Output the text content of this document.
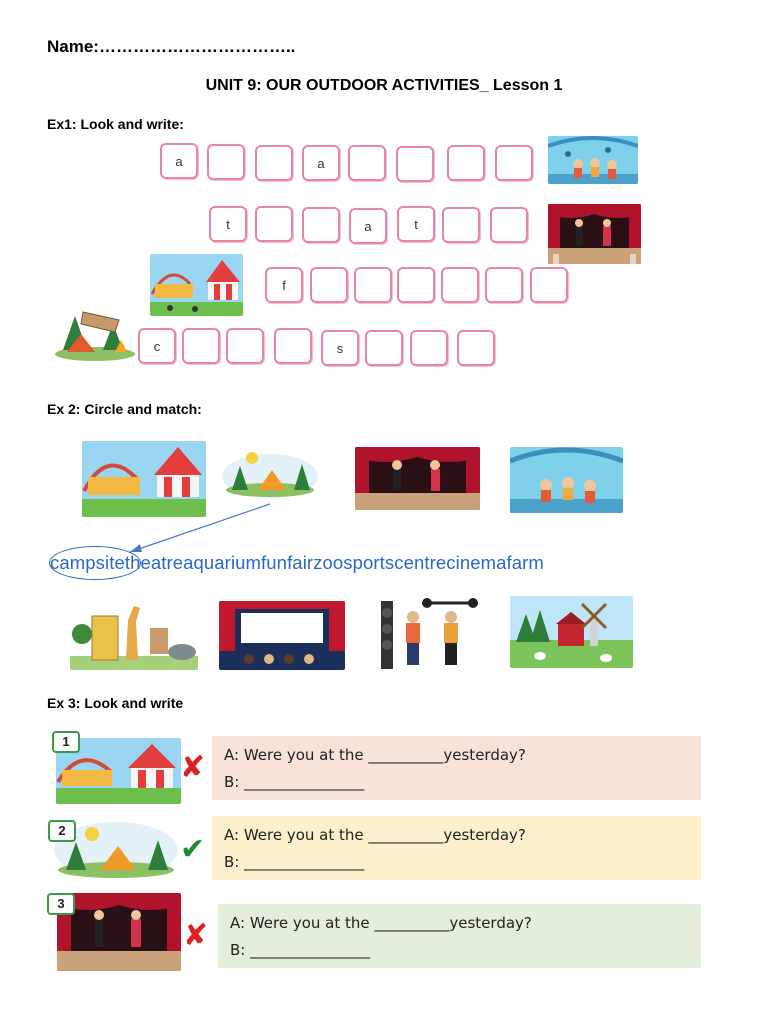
Name:……………………………..
UNIT 9: OUR OUTDOOR ACTIVITIES_ Lesson 1
Ex1: Look and write:
a	a
t	a	t
f
c	s
Ex 2: Circle and match:
campsitetheatreaquariumfunfairzoosportscentrecinemafarm
Ex 3: Look and write
1
✘ A: Were you at the __________yesterday?
B: ________________
2
✔ A: Were you at the __________yesterday?
B: ________________
3
✘ A: Were you at the __________yesterday?
B: ________________
